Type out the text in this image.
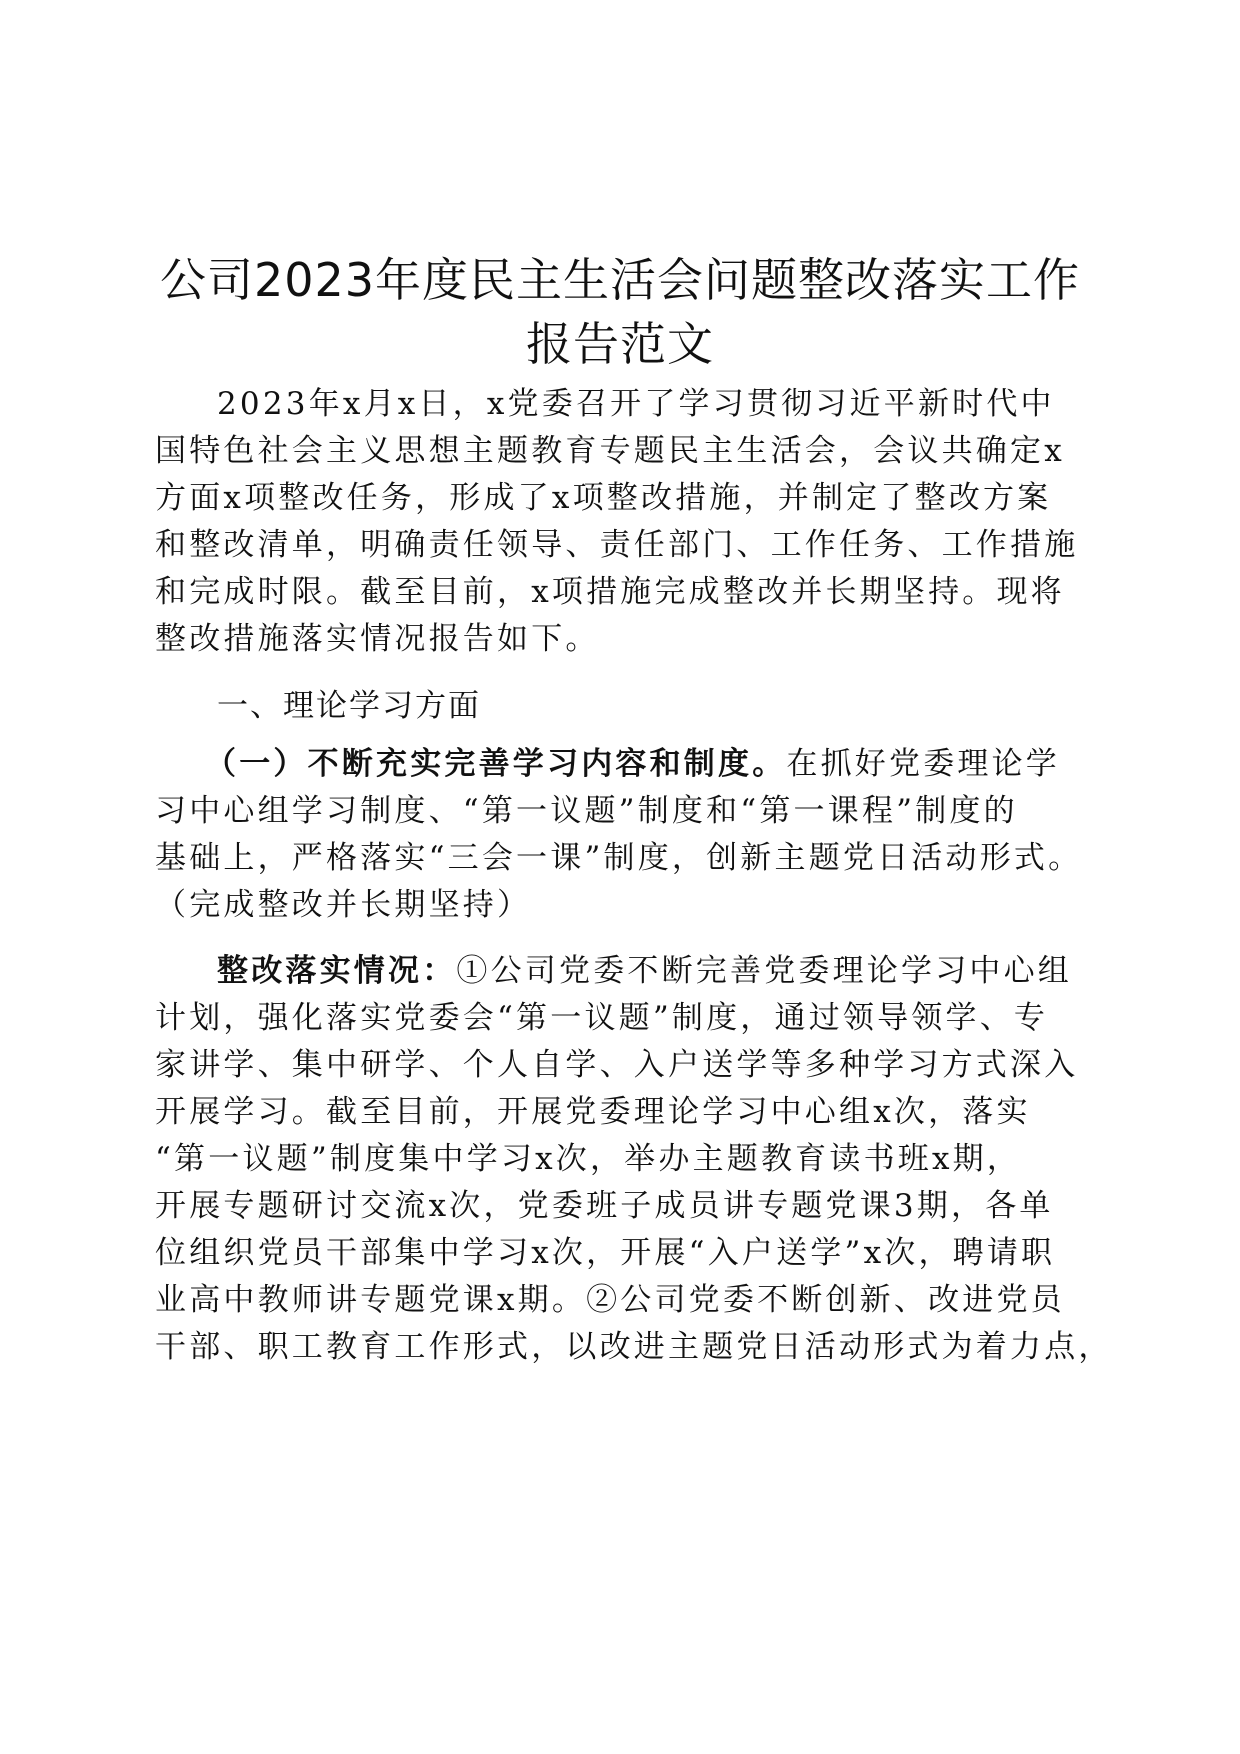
公司2023年度民主生活会问题整改落实工作
报告范文
2023年x月x日，x党委召开了学习贯彻习近平新时代中
国特色社会主义思想主题教育专题民主生活会，会议共确定x
方面x项整改任务，形成了x项整改措施，并制定了整改方案
和整改清单，明确责任领导、责任部门、工作任务、工作措施
和完成时限。截至目前，x项措施完成整改并长期坚持。现将
整改措施落实情况报告如下。
一、理论学习方面
（一）不断充实完善学习内容和制度。在抓好党委理论学
习中心组学习制度、“第一议题”制度和“第一课程”制度的
基础上，严格落实“三会一课”制度，创新主题党日活动形式。
（完成整改并长期坚持）
整改落实情况：①公司党委不断完善党委理论学习中心组
计划，强化落实党委会“第一议题”制度，通过领导领学、专
家讲学、集中研学、个人自学、入户送学等多种学习方式深入
开展学习。截至目前，开展党委理论学习中心组x次，落实
“第一议题”制度集中学习x次，举办主题教育读书班x期，
开展专题研讨交流x次，党委班子成员讲专题党课3期，各单
位组织党员干部集中学习x次，开展“入户送学”x次，聘请职
业高中教师讲专题党课x期。②公司党委不断创新、改进党员
干部、职工教育工作形式，以改进主题党日活动形式为着力点，
